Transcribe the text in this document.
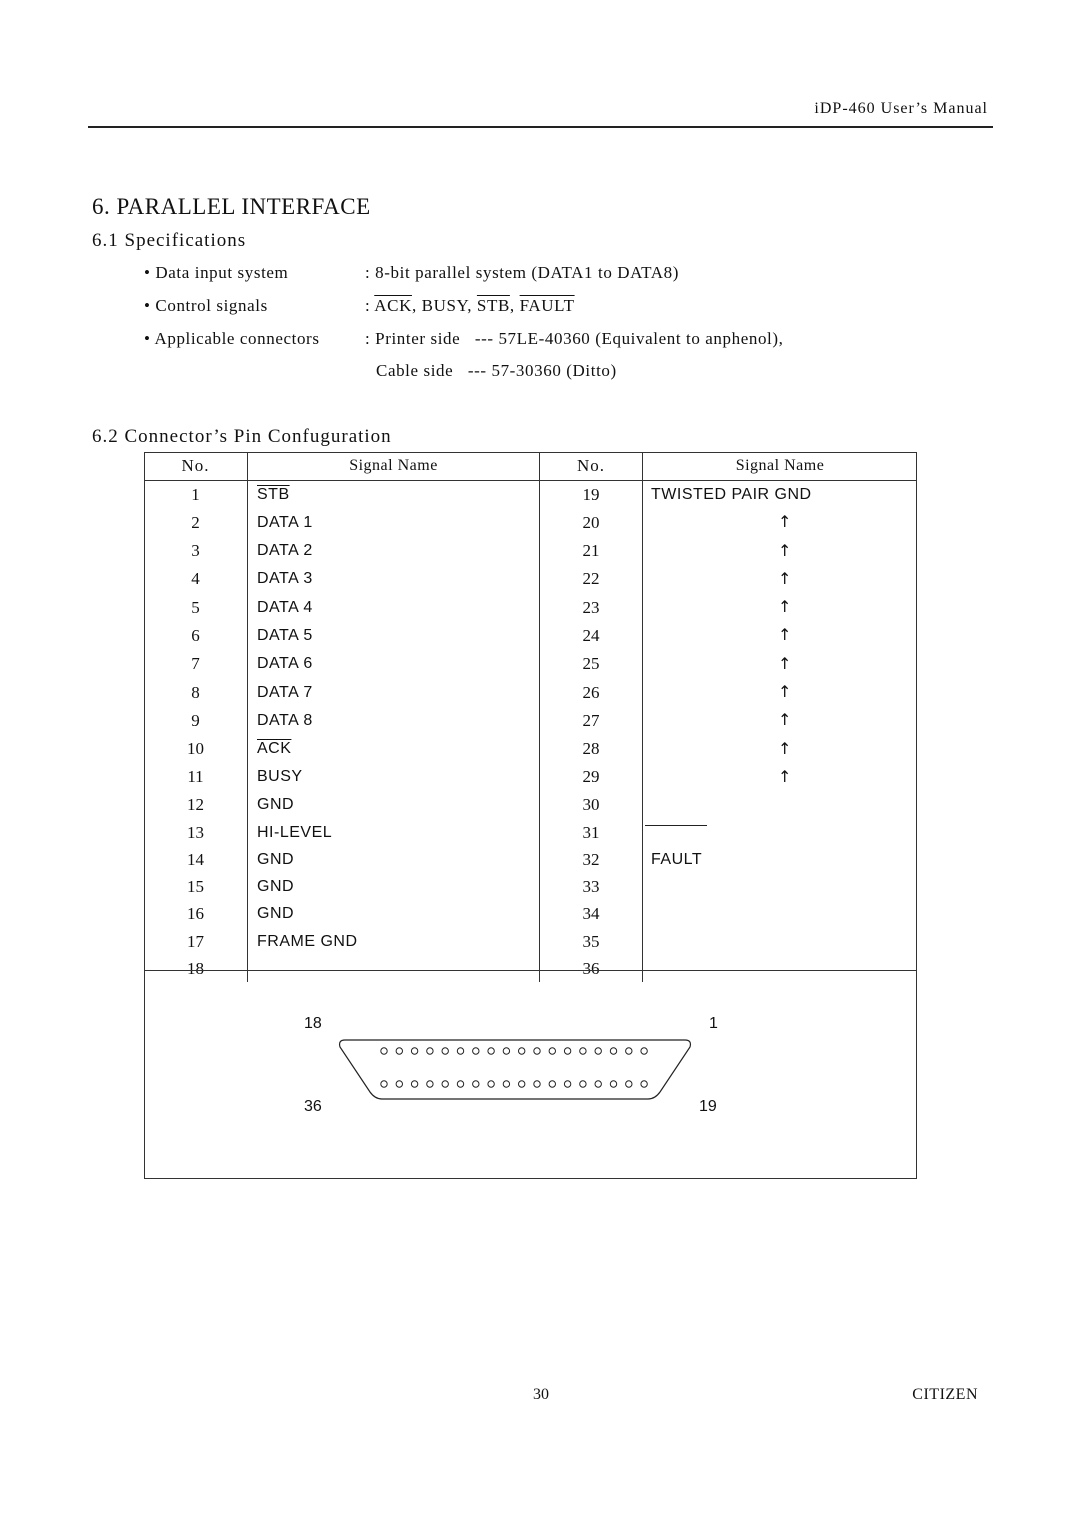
iDP-460 User’s Manual
6. PARALLEL INTERFACE
6.1 Specifications
• Data input system	: 8-bit parallel system (DATA1 to DATA8)
• Control signals	: $\overline{ACK}$, BUSY, $\overline{STB}$, FAULT
• Applicable connectors	: Printer side   --- 57LE-40360 (Equivalent to anphenol),
Cable side   --- 57-30360 (Ditto)
6.2 Connector’s Pin Confuguration
No.	Signal Name	No.	Signal Name
1	$\overline{STB}$	19	TWISTED PAIR GND
2	DATA 1	20	↑
3	DATA 2	21	↑
4	DATA 3	22	↑
5	DATA 4	23	↑
6	DATA 5	24	↑
7	DATA 6	25	↑
8	DATA 7	26	↑
9	DATA 8	27	↑
10	$\overline{ACK}$	28	↑
11	BUSY	29	↑
12	GND	30	
13	HI-LEVEL	31	
14	GND	32	FAULT
15	GND	33	
16	GND	34	
17	FRAME GND	35	
18		36	
18	1
36	19
30	CITIZEN
